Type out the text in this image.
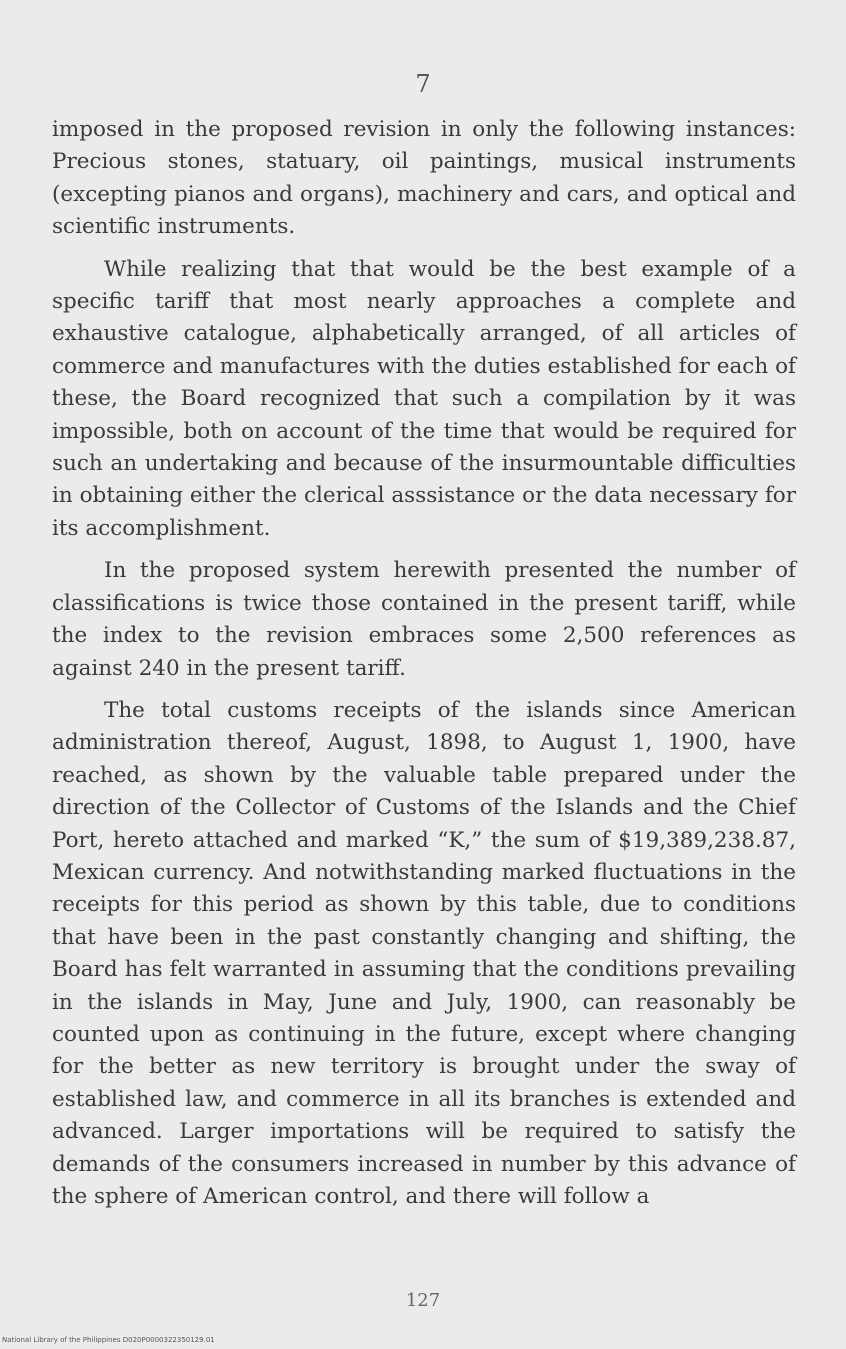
7

imposed in the proposed revision in only the following instances: Precious stones, statuary, oil paintings, musical instruments (excepting pianos and organs), machinery and cars, and optical and scientific instruments.

While realizing that that would be the best example of a specific tariff that most nearly approaches a complete and exhaustive catalogue, alphabetically arranged, of all articles of commerce and manufactures with the duties established for each of these, the Board recognized that such a compilation by it was impossible, both on account of the time that would be required for such an undertaking and because of the insurmountable difficulties in obtaining either the clerical asssistance or the data necessary for its accomplishment.

In the proposed system herewith presented the number of classifications is twice those contained in the present tariff, while the index to the revision embraces some 2,500 references as against 240 in the present tariff.

The total customs receipts of the islands since American administration thereof, August, 1898, to August 1, 1900, have reached, as shown by the valuable table prepared under the direction of the Collector of Customs of the Islands and the Chief Port, hereto attached and marked “K,” the sum of $19,389,238.87, Mexican currency. And notwithstanding marked fluctuations in the receipts for this period as shown by this table, due to conditions that have been in the past constantly changing and shifting, the Board has felt warranted in assuming that the conditions prevailing in the islands in May, June and July, 1900, can reasonably be counted upon as continuing in the future, except where changing for the better as new territory is brought under the sway of established law, and commerce in all its branches is extended and advanced. Larger importations will be required to satisfy the demands of the consumers increased in number by this advance of the sphere of American control, and there will follow a

127
National Library of the Philippines D020P0000322350129.01
